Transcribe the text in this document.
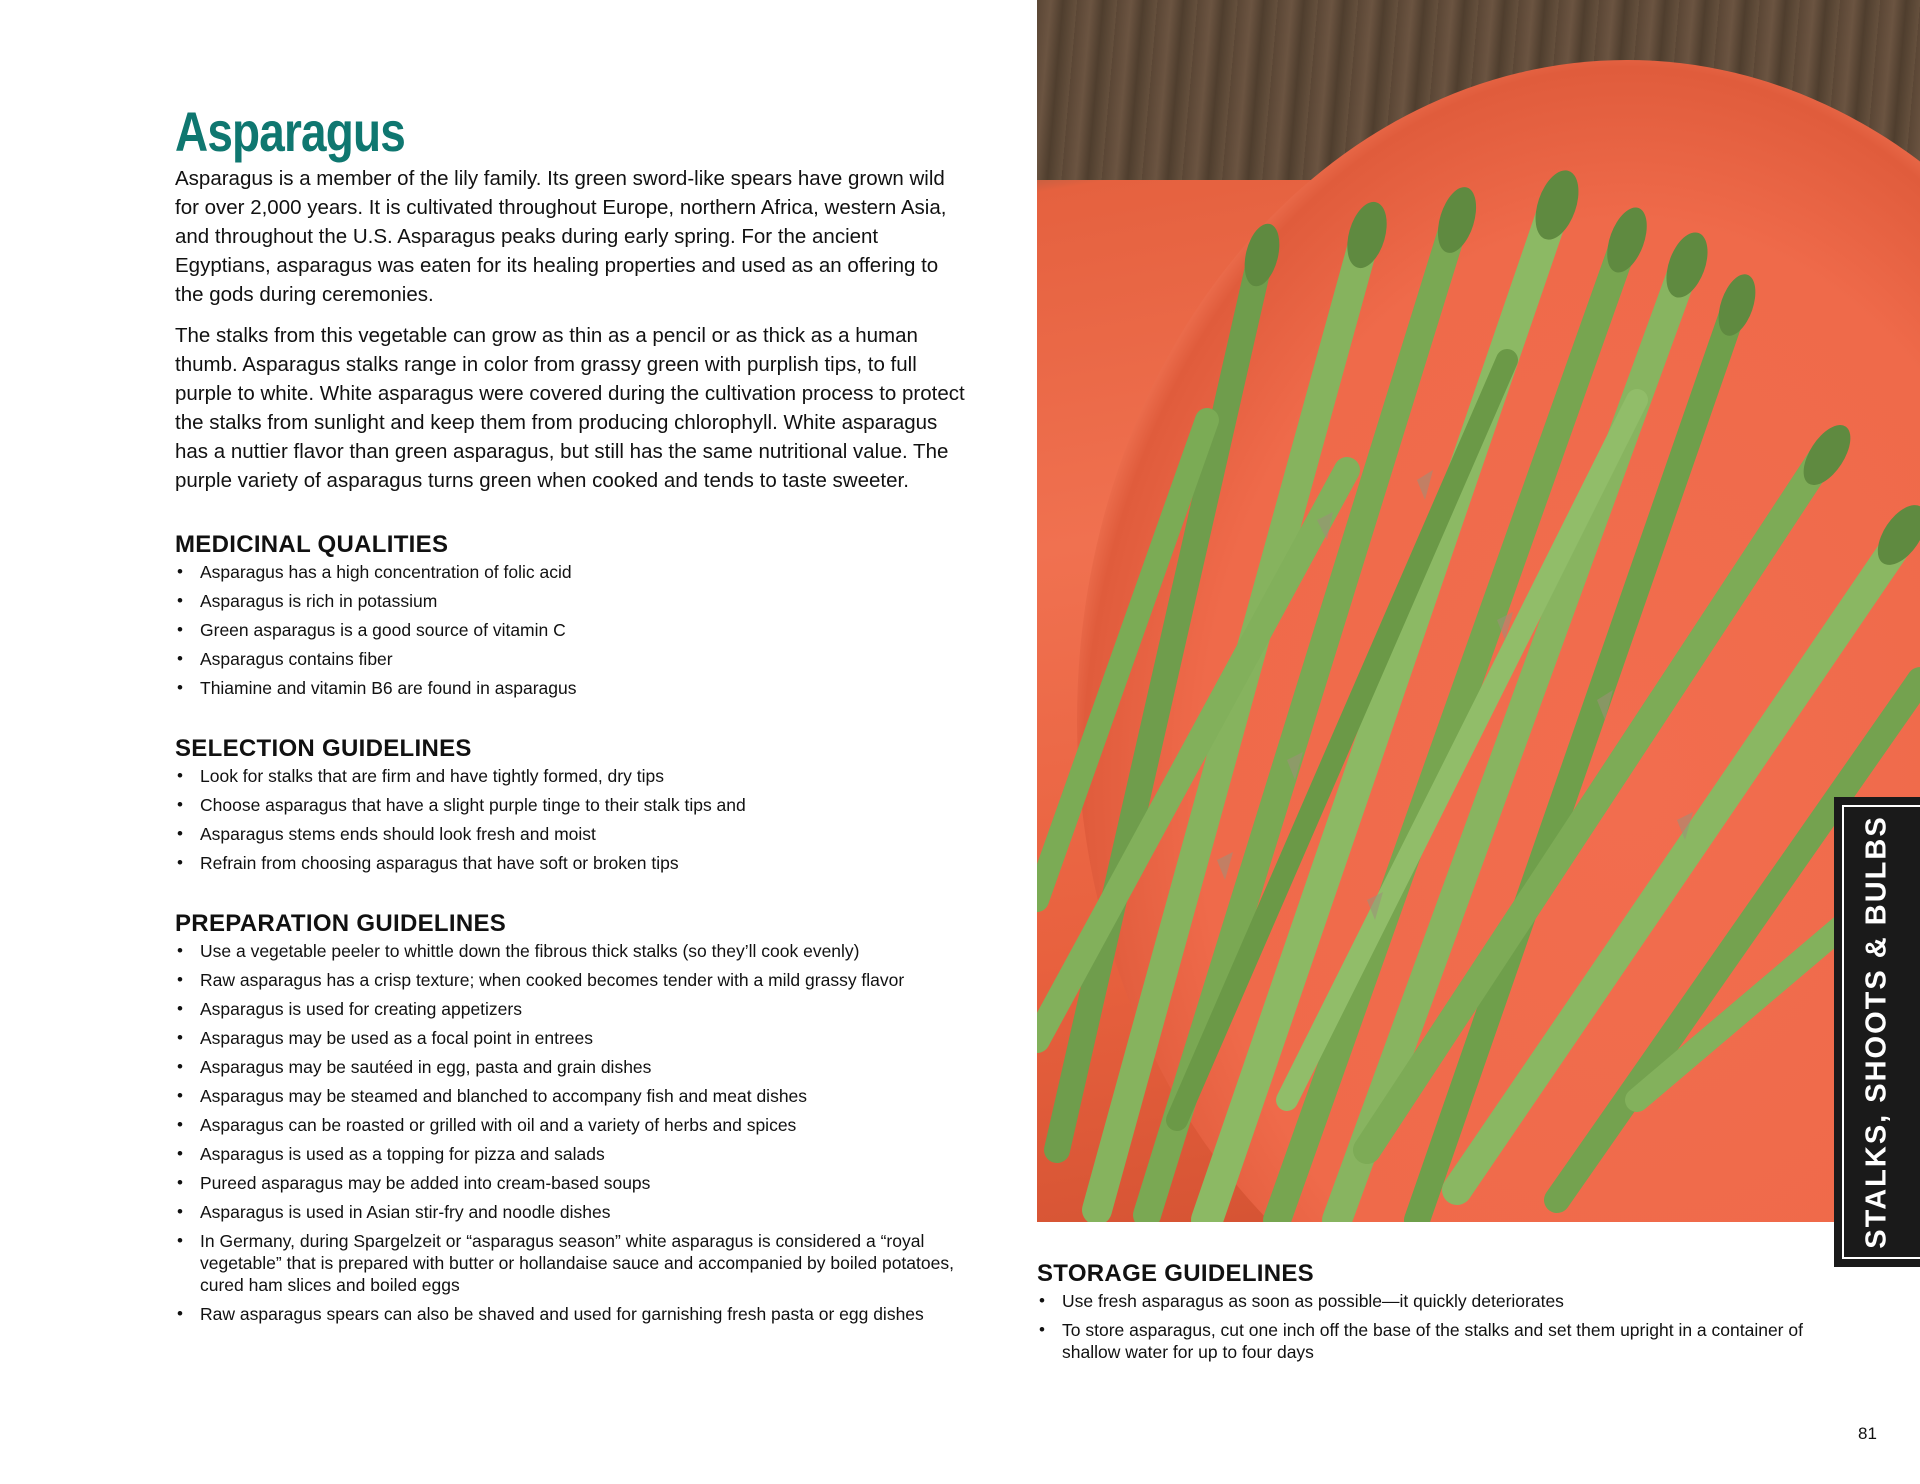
Asparagus

Asparagus is a member of the lily family. Its green sword-like spears have grown wild for over 2,000 years. It is cultivated throughout Europe, northern Africa, western Asia, and throughout the U.S. Asparagus peaks during early spring. For the ancient Egyptians, asparagus was eaten for its healing properties and used as an offering to the gods during ceremonies.

The stalks from this vegetable can grow as thin as a pencil or as thick as a human thumb. Asparagus stalks range in color from grassy green with purplish tips, to full purple to white. White asparagus were covered during the cultivation process to protect the stalks from sunlight and keep them from producing chlorophyll. White asparagus has a nuttier flavor than green asparagus, but still has the same nutritional value. The purple variety of asparagus turns green when cooked and tends to taste sweeter.

MEDICINAL QUALITIES
• Asparagus has a high concentration of folic acid
• Asparagus is rich in potassium
• Green asparagus is a good source of vitamin C
• Asparagus contains fiber
• Thiamine and vitamin B6 are found in asparagus
SELECTION GUIDELINES
• Look for stalks that are firm and have tightly formed, dry tips
• Choose asparagus that have a slight purple tinge to their stalk tips and
• Asparagus stems ends should look fresh and moist
• Refrain from choosing asparagus that have soft or broken tips
PREPARATION GUIDELINES
• Use a vegetable peeler to whittle down the fibrous thick stalks (so they’ll cook evenly)
• Raw asparagus has a crisp texture; when cooked becomes tender with a mild grassy flavor
• Asparagus is used for creating appetizers
• Asparagus may be used as a focal point in entrees
• Asparagus may be sautéed in egg, pasta and grain dishes
• Asparagus may be steamed and blanched to accompany fish and meat dishes
• Asparagus can be roasted or grilled with oil and a variety of herbs and spices
• Asparagus is used as a topping for pizza and salads
• Pureed asparagus may be added into cream-based soups
• Asparagus is used in Asian stir-fry and noodle dishes
• In Germany, during Spargelzeit or “asparagus season” white asparagus is considered a “royal vegetable” that is prepared with butter or hollandaise sauce and accompanied by boiled potatoes, cured ham slices and boiled eggs
• Raw asparagus spears can also be shaved and used for garnishing fresh pasta or egg dishes
STORAGE GUIDELINES
• Use fresh asparagus as soon as possible—it quickly deteriorates
• To store asparagus, cut one inch off the base of the stalks and set them upright in a container of shallow water for up to four days
STALKS, SHOOTS & BULBS
81
